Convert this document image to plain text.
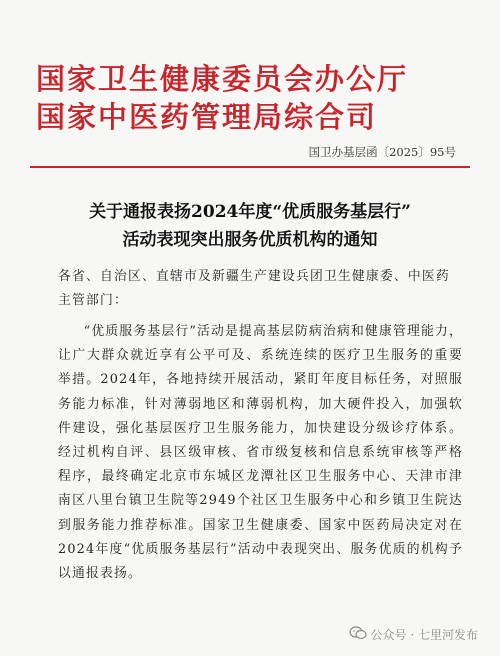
国家卫生健康委员会办公厅
国家中医药管理局综合司
国卫办基层函〔2025〕95号
关于通报表扬2024年度“优质服务基层行”
活动表现突出服务优质机构的通知
各省、自治区、直辖市及新疆生产建设兵团卫生健康委、中医药主管部门：
“优质服务基层行”活动是提高基层防病治病和健康管理能力，让广大群众就近享有公平可及、系统连续的医疗卫生服务的重要举措。2024年，各地持续开展活动，紧盯年度目标任务，对照服务能力标准，针对薄弱地区和薄弱机构，加大硬件投入，加强软件建设，强化基层医疗卫生服务能力，加快建设分级诊疗体系。经过机构自评、县区级审核、省市级复核和信息系统审核等严格程序，最终确定北京市东城区龙潭社区卫生服务中心、天津市津南区八里台镇卫生院等2949个社区卫生服务中心和乡镇卫生院达到服务能力推荐标准。国家卫生健康委、国家中医药局决定对在2024年度“优质服务基层行”活动中表现突出、服务优质的机构予以通报表扬。
公众号 · 七里河发布
